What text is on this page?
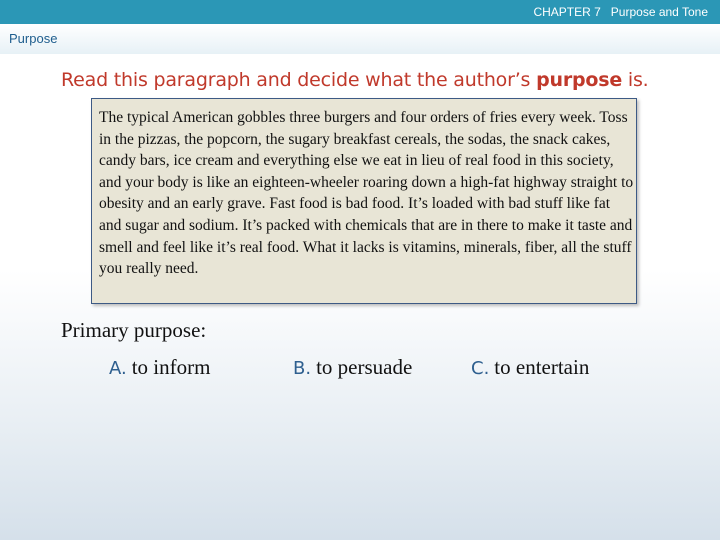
CHAPTER 7   Purpose and Tone
Purpose
Read this paragraph and decide what the author’s purpose is.
The typical American gobbles three burgers and four orders of fries every week. Toss in the pizzas, the popcorn, the sugary breakfast cereals, the sodas, the snack cakes, candy bars, ice cream and everything else we eat in lieu of real food in this society, and your body is like an eighteen-wheeler roaring down a high-fat highway straight to obesity and an early grave. Fast food is bad food. It’s loaded with bad stuff like fat and sugar and sodium. It’s packed with chemicals that are in there to make it taste and smell and feel like it’s real food. What it lacks is vitamins, minerals, fiber, all the stuff you really need.
Primary purpose:
A. to inform	B. to persuade	C. to entertain
